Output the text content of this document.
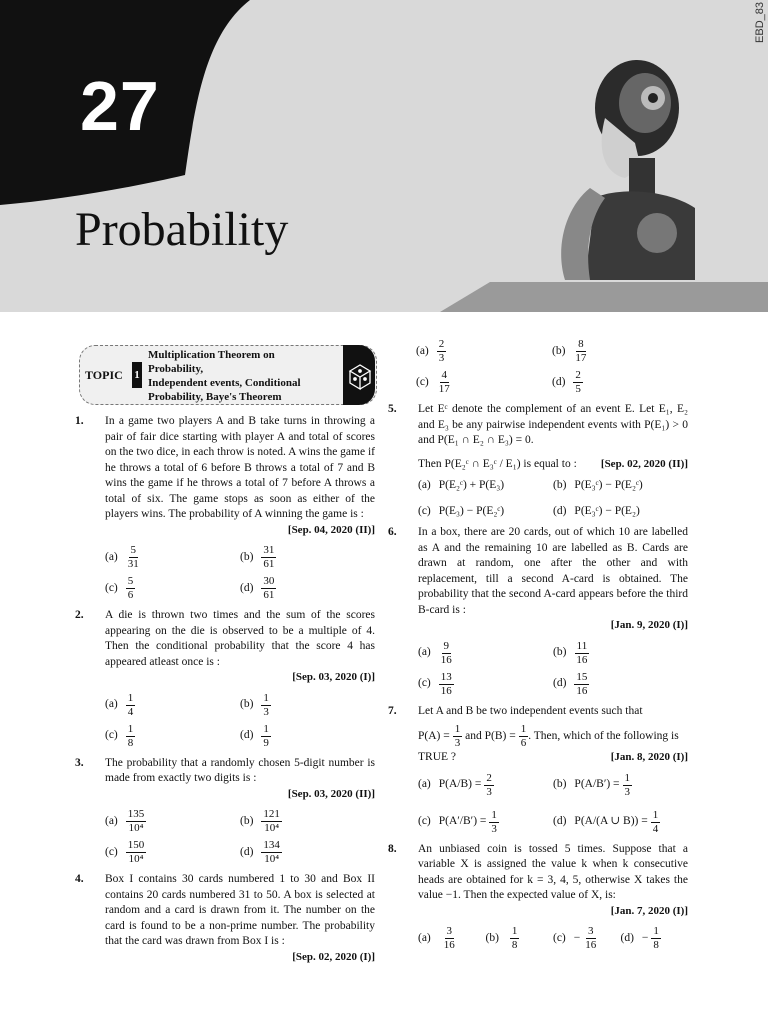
27
Probability
EBD_83
TOPIC 1
Multiplication Theorem on
Probability,
Independent events, Conditional
Probability, Baye's Theorem
1. In a game two players A and B take turns in throwing a pair of fair dice starting with player A and total of scores on the two dice, in each throw is noted. A wins the game if he throws a total of 6 before B throws a total of 7 and B wins the game if he throws a total of 7 before A throws a total of six. The game stops as soon as either of the players wins. The probability of A winning the game is :
[Sep. 04, 2020 (II)]
$(a) \frac{5}{31}$	$(b) \frac{31}{61}$
$(c) \frac{5}{6}$	$(d) \frac{30}{61}$
2. A die is thrown two times and the sum of the scores appearing on the die is observed to be a multiple of 4. Then the conditional probability that the score 4 has appeared atleast once is :
[Sep. 03, 2020 (I)]
$(a) \frac{1}{4}$	$(b) \frac{1}{3}$
$(c) \frac{1}{8}$	$(d) \frac{1}{9}$
3. The probability that a randomly chosen 5-digit number is made from exactly two digits is :
[Sep. 03, 2020 (II)]
$(a) \frac{135}{\text{10⁴}}$	$(b) \frac{121}{\text{10⁴}}$
$(c) \frac{150}{\text{10⁴}}$	$(d) \frac{134}{\text{10⁴}}$
4. Box I contains 30 cards numbered 1 to 30 and Box II contains 20 cards numbered 31 to 50. A box is selected at random and a card is drawn from it. The number on the card is found to be a non-prime number. The probability that the card was drawn from Box I is :
[Sep. 02, 2020 (I)]
$(a) \frac{2}{3}$	$(b) \frac{8}{17}$
$(c) \frac{4}{17}$	$(d) \frac{2}{5}$
5. Let Eᶜ denote the complement of an event E. Let E₁, E₂ and E₃ be any pairwise independent events with P(E₁) > 0 and P(E₁ ∩ E₂ ∩ E₃) = 0.
Then P(E₂ᶜ ∩ E₃ᶜ / E₁) is equal to : [Sep. 02, 2020 (II)]
(a) P(E₂ᶜ) + P(E₃)	(b) P(E₃ᶜ) − P(E₂ᶜ)
(c) P(E₃) − P(E₂ᶜ)	(d) P(E₃ᶜ) − P(E₂)
6. In a box, there are 20 cards, out of which 10 are labelled as A and the remaining 10 are labelled as B. Cards are drawn at random, one after the other and with replacement, till a second A-card is obtained. The probability that the second A-card appears before the third B-card is :
[Jan. 9, 2020 (I)]
$(a) \frac{9}{16}$	$(b) \frac{11}{16}$
$(c) \frac{13}{16}$	$(d) \frac{15}{16}$
7. Let A and B be two independent events such that
$P(A) = \frac{1}{3}$
and $P(B) = \frac{1}{6}$ . Then, which of the following is
TRUE ?	[Jan. 8, 2020 (I)]
(a) $P(A/B) = \frac{2}{3}$	(b) $P(A/B') = \frac{1}{3}$
(c) $P(A'/B') = \frac{1}{3}$	(d) P(A/(A ∪ $B)) = \frac{1}{4}$
8. An unbiased coin is tossed 5 times. Suppose that a variable X is assigned the value k when k consecutive heads are obtained for k = 3, 4, 5, otherwise X takes the value −1. Then the expected value of X, is:
[Jan. 7, 2020 (I)]
$(a) \frac{3}{16} (b) \frac{1}{8}$	$(c) - \frac{3}{16} (d) - \frac{1}{8}$
